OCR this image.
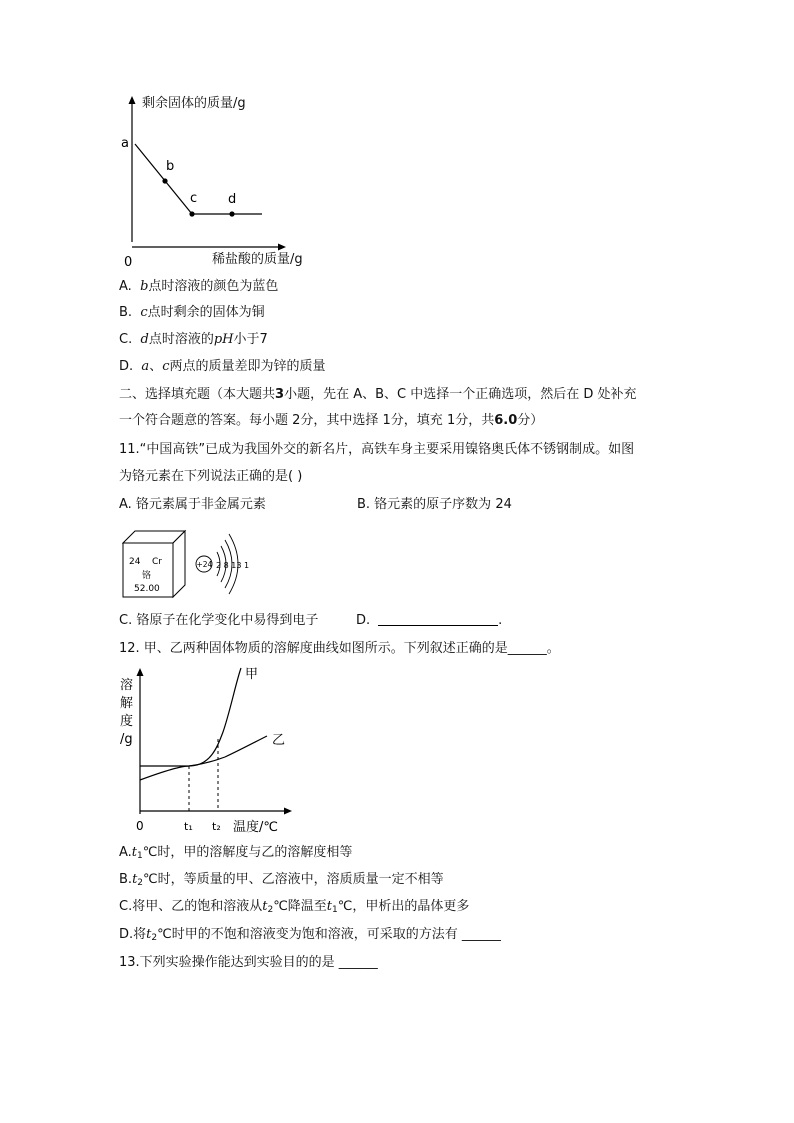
a
b
c d
0
剩余固体的质量/g
稀盐酸的质量/g
A. b点时溶液的颜色为蓝色
B. c点时剩余的固体为铜
C. d点时溶液的pH小于7
D. a、c两点的质量差即为锌的质量
二、选择填充题（本大题共3小题，先在 A、B、C 中选择一个正确选项，然后在 D 处补充
一个符合题意的答案。每小题 2分，其中选择 1分，填充 1分，共6.0分）
11.“中国高铁”已成为我国外交的新名片，高铁车身主要采用镍铬奥氏体不锈钢制成。如图
为铬元素在下列说法正确的是( )
A. 铬元素属于非金属元素	B. 铬元素的原子序数为 24
24 Cr
铬
52.00
+24 2 8 13 1
C. 铬原子在化学变化中易得到电子	D.	.
12. 甲、乙两种固体物质的溶解度曲线如图所示。下列叙述正确的是______。
0	t₁ t₂ 温度/℃
甲
乙
溶
解
度
/g
$A.t_1℃$时，甲的溶解度与乙的溶解度相等
$B.t_2℃$时，等质量的甲、乙溶液中，溶质质量一定不相等
C.将甲、乙的饱和溶液从$t_2℃$降温至$t_1℃$，甲析出的晶体更多
D.将$t_2℃$时甲的不饱和溶液变为饱和溶液，可采取的方法有 ______
13.下列实验操作能达到实验目的的是 ______
